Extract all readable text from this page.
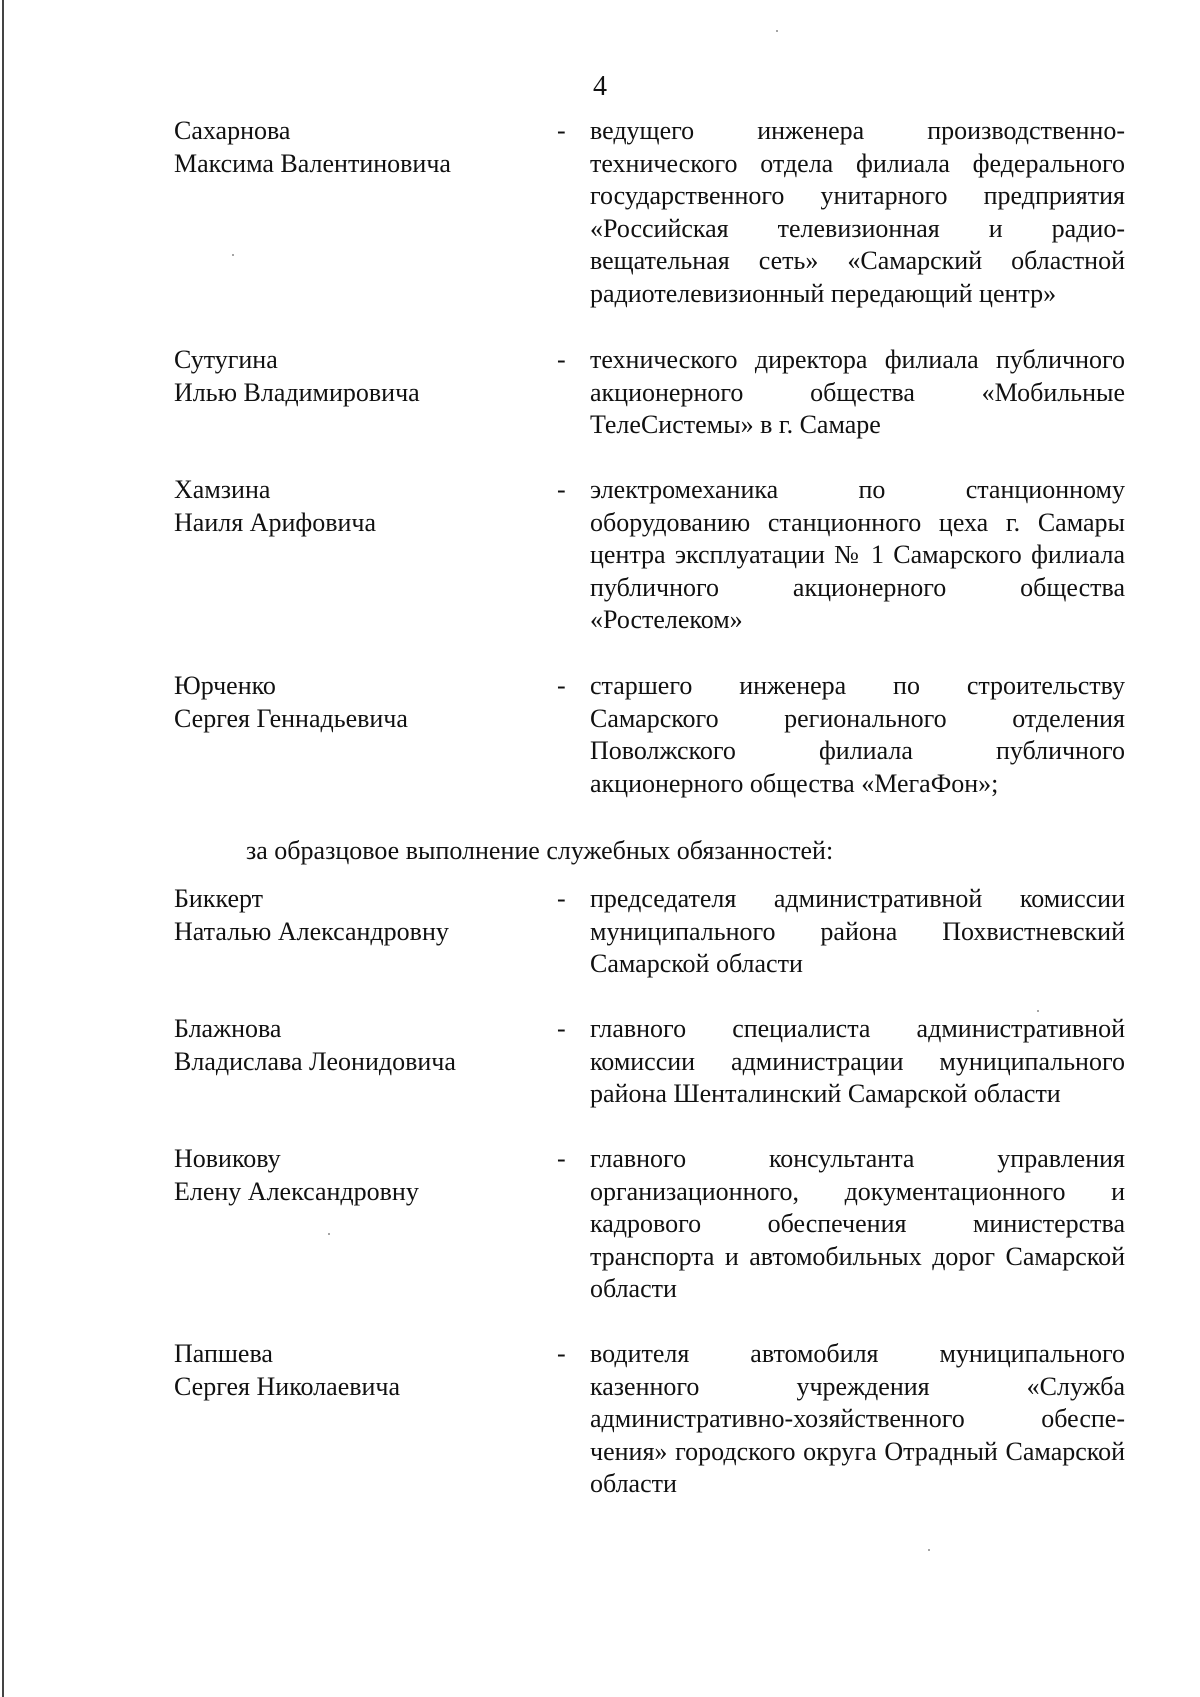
4
Сахарнова
Максима Валентиновича
- ведущего инженера производственно-технического отдела филиала федерального государственного унитарного предприятия «Российская телевизионная и радио-вещательная сеть» «Самарский областной радиотелевизионный передающий центр»
Сутугина
Илью Владимировича
- технического директора филиала публичного акционерного общества «Мобильные ТелеСистемы» в г. Самаре
Хамзина
Наиля Арифовича
- электромеханика по станционному оборудованию станционного цеха г. Самары центра эксплуатации № 1 Самарского филиала публичного акционерного общества «Ростелеком»
Юрченко
Сергея Геннадьевича
- старшего инженера по строительству Самарского регионального отделения Поволжского филиала публичного акционерного общества «МегаФон»;
за образцовое выполнение служебных обязанностей:
Биккерт
Наталью Александровну
- председателя административной комиссии муниципального района Похвистневский Самарской области
Блажнова
Владислава Леонидовича
- главного специалиста административной комиссии администрации муниципального района Шенталинский Самарской области
Новикову
Елену Александровну
- главного консультанта управления организационного, документационного и кадрового обеспечения министерства транспорта и автомобильных дорог Самарской области
Папшева
Сергея Николаевича
- водителя автомобиля муниципального казенного учреждения «Служба административно-хозяйственного обеспе-чения» городского округа Отрадный Самарской области
